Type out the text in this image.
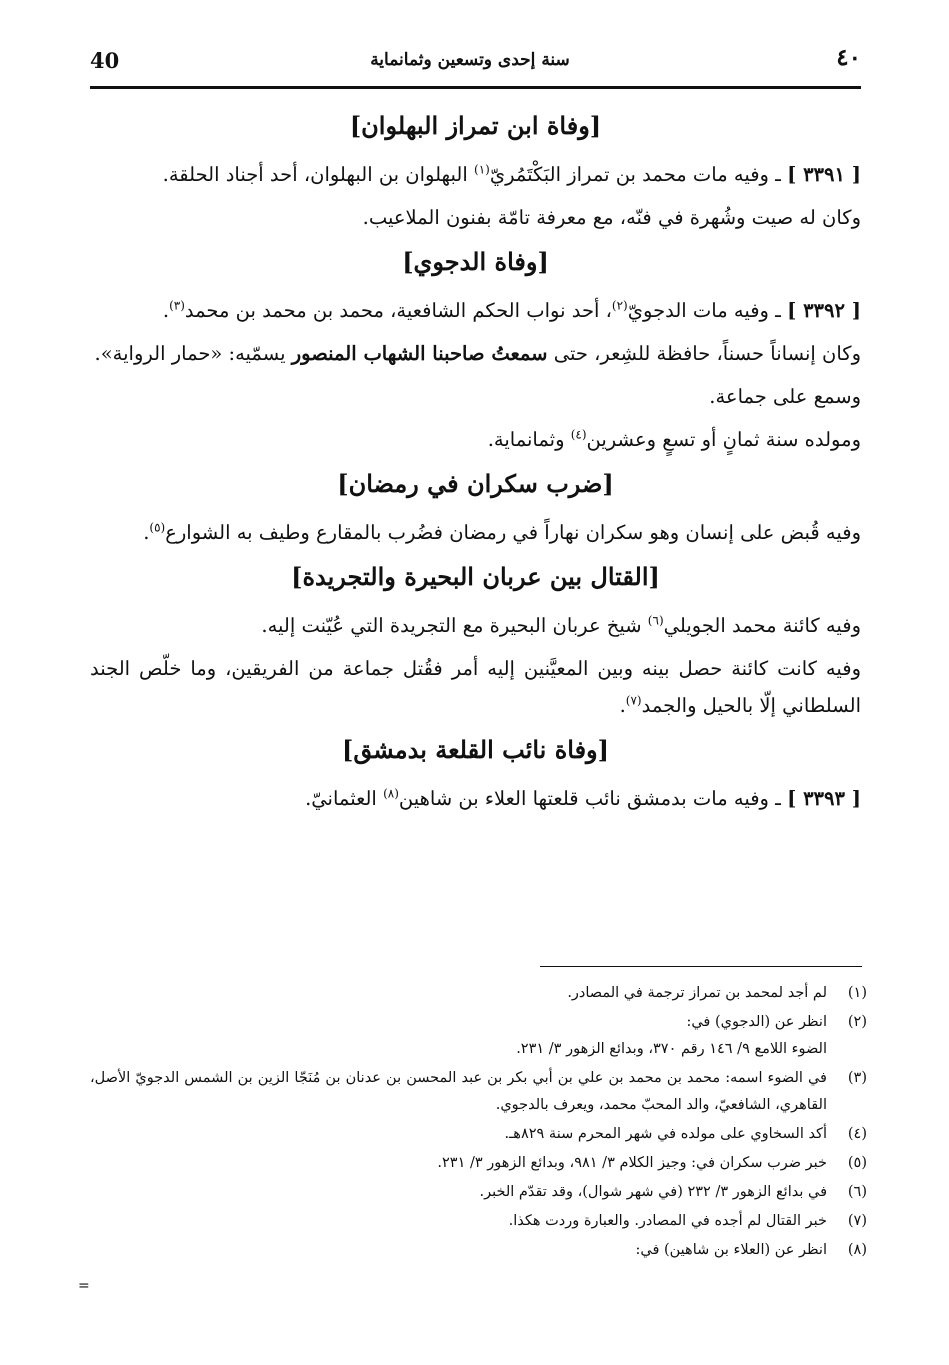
40	سنة إحدى وتسعين وثمانماية	٤٠
[وفاة ابن تمراز البهلوان]

[ ٣٣٩١ ] ـ وفيه مات محمد بن تمراز البَكْتَمُريّ$^{(١)}$ البهلوان بن البهلوان، أحد أجناد الحلقة.

وكان له صيت وشُهرة في فنّه، مع معرفة تامّة بفنون الملاعيب.

[وفاة الدجوي]

[ ٣٣٩٢ ] ـ وفيه مات الدجويّ$^{(٢)}$، أحد نواب الحكم الشافعية، محمد بن محمد بن محمد$^{(٣)}$.

وكان إنساناً حسناً، حافظة للشِعر، حتى سمعتُ صاحبنا الشهاب المنصور يسمّيه: «حمار الرواية».

وسمع على جماعة.

ومولده سنة ثمانٍ أو تسعٍ وعشرين$^{(٤)}$ وثمانماية.

[ضرب سكران في رمضان]

وفيه قُبض على إنسان وهو سكران نهاراً في رمضان فضُرب بالمقارع وطيف به الشوارع$^{(٥)}$.

[القتال بين عربان البحيرة والتجريدة]

وفيه كائنة محمد الجويلي$^{(٦)}$ شيخ عربان البحيرة مع التجريدة التي عُيّنت إليه.

وفيه كانت كائنة حصل بينه وبين المعيَّنين إليه أمر فقُتل جماعة من الفريقين، وما خلّص الجند السلطاني إلّا بالحيل والجمد$^{(٧)}$.

[وفاة نائب القلعة بدمشق]

[ ٣٣٩٣ ] ـ وفيه مات بدمشق نائب قلعتها العلاء بن شاهين$^{(٨)}$ العثمانيّ.

(١)
لم أجد لمحمد بن تمراز ترجمة في المصادر.
(٢)
انظر عن (الدجوي) في:
الضوء اللامع ٩/ ١٤٦ رقم ٣٧٠، وبدائع الزهور ٣/ ٢٣١.
(٣)
في الضوء اسمه: محمد بن محمد بن علي بن أبي بكر بن عبد المحسن بن عدنان بن مُنَجّا الزين بن الشمس الدجويّ الأصل، القاهري، الشافعيّ، والد المحبّ محمد، ويعرف بالدجوي.
(٤)
أكد السخاوي على مولده في شهر المحرم سنة ٨٢٩هـ.
(٥)
خبر ضرب سكران في: وجيز الكلام ٣/ ٩٨١، وبدائع الزهور ٣/ ٢٣١.
(٦)
في بدائع الزهور ٣/ ٢٣٢ (في شهر شوال)، وقد تقدّم الخبر.
(٧)
خبر القتال لم أجده في المصادر. والعبارة وردت هكذا.
(٨)
انظر عن (العلاء بن شاهين) في:
=
